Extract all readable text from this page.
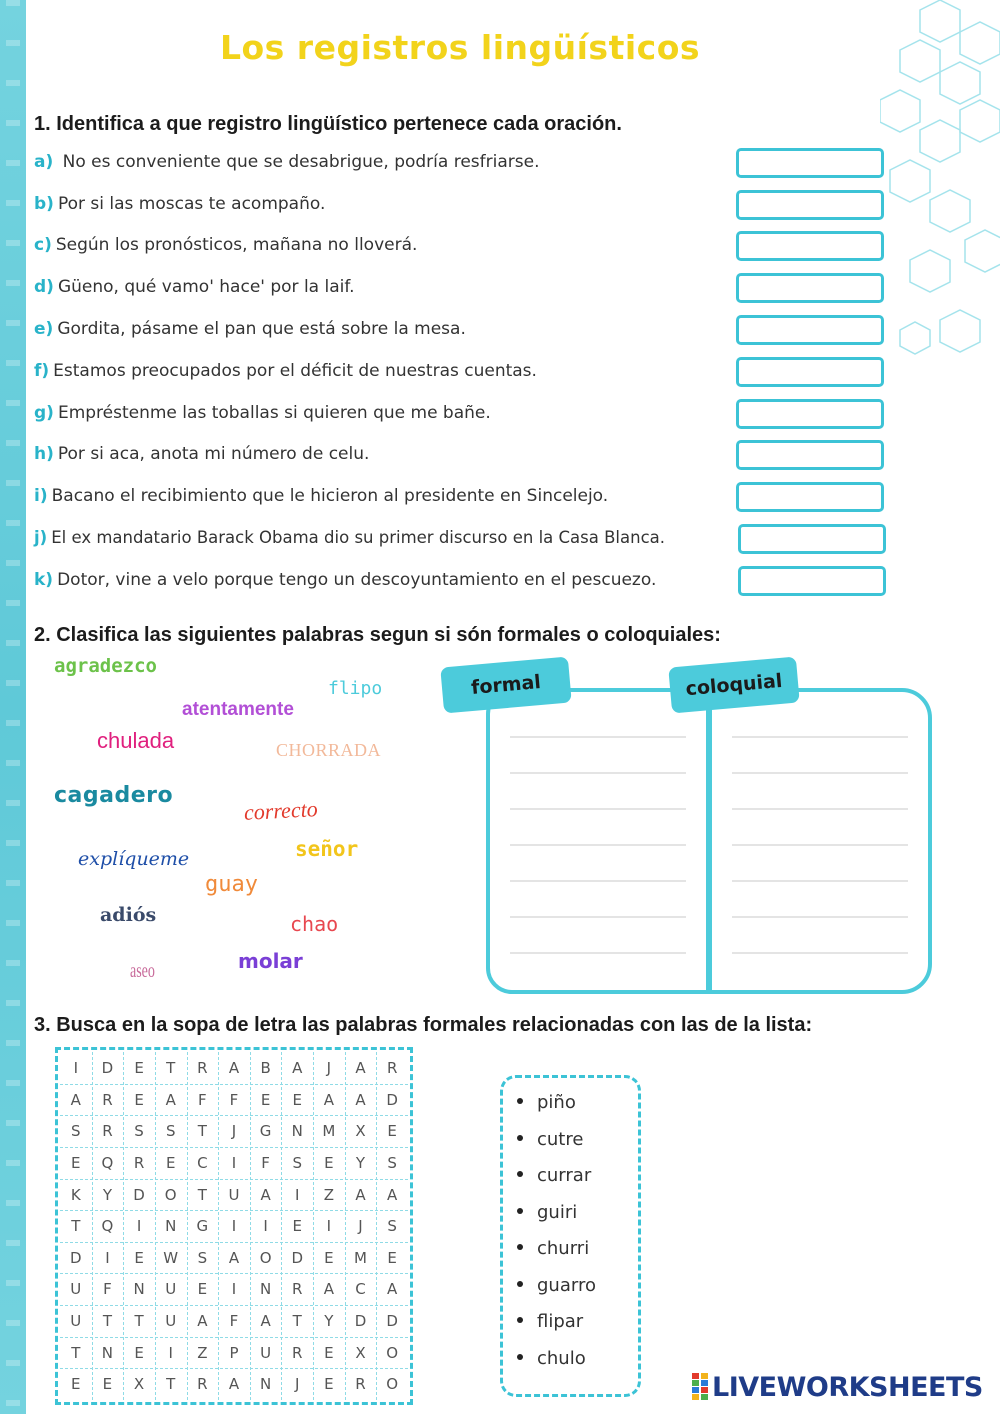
Los registros lingüísticos
1. Identifica a que registro lingüístico pertenece cada oración.
a) No es conveniente que se desabrigue, podría resfriarse.
b) Por si las moscas te acompaño.
c) Según los pronósticos, mañana no lloverá.
d) Güeno, qué vamo' hace' por la laif.
e) Gordita, pásame el pan que está sobre la mesa.
f) Estamos preocupados por el déficit de nuestras cuentas.
g) Empréstenme las toballas si quieren que me bañe.
h) Por si aca, anota mi número de celu.
i) Bacano el recibimiento que le hicieron al presidente en Sincelejo.
j) El ex mandatario Barack Obama dio su primer discurso en la Casa Blanca.
k) Dotor, vine a velo porque tengo un descoyuntamiento en el pescuezo.
2. Clasifica las siguientes palabras segun si són formales o coloquiales:
agradezco
flipo
atentamente
chulada	CHORRADA
cagadero
correcto
señor
explíqueme
guay
adiós	chao
molar
aseo
formal	coloquial
3. Busca en la sopa de letra las palabras formales relacionadas con las de la lista:
I	D	E	T	R	A	B	A	J	A	R
A	R	E	A	F	F	E	E	A	A	D
S	R	S	S	T	J	G	N	M	X	E
E	Q	R	E	C	I	F	S	E	Y	S
K	Y	D	O	T	U	A	I	Z	A	A
T	Q	I	N	G	I	I	E	I	J	S
D	I	E	W	S	A	O	D	E	M	E
U	F	N	U	E	I	N	R	A	C	A
U	T	T	U	A	F	A	T	Y	D	D
T	N	E	I	Z	P	U	R	E	X	O
E	E	X	T	R	A	N	J	E	R	O
piño
cutre
currar
guiri
churri
guarro
flipar
chulo
LIVEWORKSHEETS
